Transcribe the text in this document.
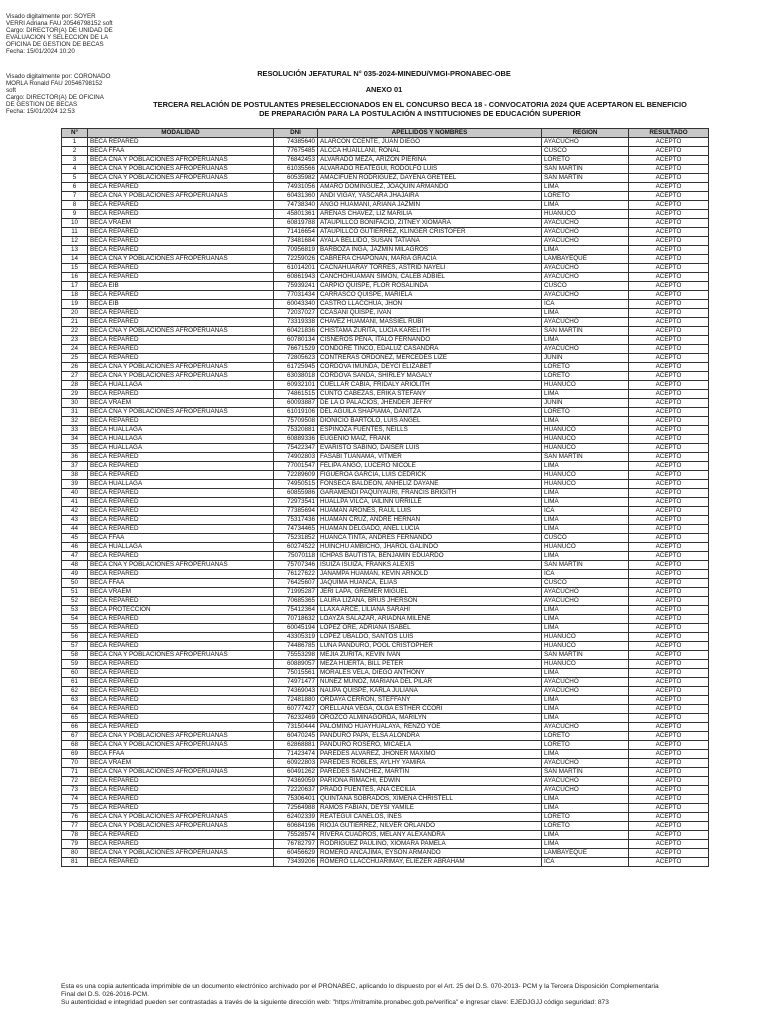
Visado digitalmente por: SOYER
VERRI Adriana FAU 20546798152 soft
Cargo: DIRECTOR(A) DE UNIDAD DE
EVALUACION Y SELECCION DE LA
OFICINA DE GESTION DE BECAS
Fecha: 15/01/2024 10:20
Visado digitalmente por: CORONADO
MORLA Ronald FAU 20546798152
soft
Cargo: DIRECTOR(A) DE OFICINA
DE GESTION DE BECAS
Fecha: 15/01/2024 12:53
RESOLUCIÓN JEFATURAL N° 035-2024-MINEDU/VMGI-PRONABEC-OBE
ANEXO 01
TERCERA RELACIÓN DE POSTULANTES PRESELECCIONADOS EN EL CONCURSO BECA 18 - CONVOCATORIA 2024 QUE ACEPTARON EL BENEFICIO DE PREPARACIÓN PARA LA POSTULACIÓN A INSTITUCIONES DE EDUCACIÓN SUPERIOR
N°	MODALIDAD	DNI	APELLIDOS Y NOMBRES	REGIÓN	RESULTADO
1	BECA REPARED	74385640	ALARCON CCENTE, JUAN DIEGO	AYACUCHO	ACEPTO
2	BECA FFAA	77675485	ALCCA HUAILLANI, RONAL	CUSCO	ACEPTO
3	BECA CNA Y POBLACIONES AFROPERUANAS	76842453	ALVARADO MEZA, ARIZON PIERINA	LORETO	ACEPTO
4	BECA CNA Y POBLACIONES AFROPERUANAS	61035566	ALVARADO REATEGUI, RODOLFO LUIS	SAN MARTIN	ACEPTO
5	BECA CNA Y POBLACIONES AFROPERUANAS	60535982	AMACIFUEN RODRIGUEZ, DAYENA GRETEEL	SAN MARTIN	ACEPTO
6	BECA REPARED	74931056	AMARO DOMINGUEZ, JOAQUIN ARMANDO	LIMA	ACEPTO
7	BECA CNA Y POBLACIONES AFROPERUANAS	60431360	ANDI VIGAY, YASCARA JHAJAIRA	LORETO	ACEPTO
8	BECA REPARED	74738340	ANGO HUAMANI, ARIANA JAZMIN	LIMA	ACEPTO
9	BECA REPARED	45801361	ARENAS CHAVEZ, LIZ MARILIA	HUANUCO	ACEPTO
10	BECA VRAEM	60819788	ATAUPILLCO BONIFACIO, ZITNEY XIOMARA	AYACUCHO	ACEPTO
11	BECA REPARED	71416654	ATAUPILLCO GUTIERREZ, KLINGER CRISTOFER	AYACUCHO	ACEPTO
12	BECA REPARED	73481684	AYALA BELLIDO, SUSAN TATIANA	AYACUCHO	ACEPTO
13	BECA REPARED	70956819	BARBOZA INGA, JAZMIN MILAGROS	LIMA	ACEPTO
14	BECA CNA Y POBLACIONES AFROPERUANAS	72259026	CABRERA CHAPONAN, MARIA GRACIA	LAMBAYEQUE	ACEPTO
15	BECA REPARED	61014201	CACNAHUARAY TORRES, ASTRID NAYELI	AYACUCHO	ACEPTO
16	BECA REPARED	60861943	CANCHOHUAMAN SIMON, CALEB ADBIEL	AYACUCHO	ACEPTO
17	BECA EIB	75939241	CARPIO QUISPE, FLOR ROSALINDA	CUSCO	ACEPTO
18	BECA REPARED	77031434	CARRASCO QUISPE, MARIELA	AYACUCHO	ACEPTO
19	BECA EIB	60043340	CASTRO LLACCHUA, JHON	ICA	ACEPTO
20	BECA REPARED	72037027	CCASANI QUISPE, IVAN	LIMA	ACEPTO
21	BECA REPARED	73319338	CHAVEZ HUAMANI, MASSIEL RUBI	AYACUCHO	ACEPTO
22	BECA CNA Y POBLACIONES AFROPERUANAS	60421836	CHISTAMA ZURITA, LUCIA KARELITH	SAN MARTIN	ACEPTO
23	BECA REPARED	60780134	CISNEROS PEÑA, ITALO FERNANDO	LIMA	ACEPTO
24	BECA REPARED	76671529	CONDORE TINCO, EDALUZ CASANDRA	AYACUCHO	ACEPTO
25	BECA REPARED	72805623	CONTRERAS ORDOÑEZ, MERCEDES LIZE	JUNIN	ACEPTO
26	BECA CNA Y POBLACIONES AFROPERUANAS	61725945	CORDOVA IMUNDA, DEYCI ELIZABET	LORETO	ACEPTO
27	BECA CNA Y POBLACIONES AFROPERUANAS	63038018	CORDOVA SANDA, SHIRLEY MAGALY	LORETO	ACEPTO
28	BECA HUALLAGA	60932101	CUELLAR CABIA, FRIDALY ARIOLITH	HUANUCO	ACEPTO
29	BECA REPARED	74861515	CUNTO CABEZAS, ERIKA STEFANY	LIMA	ACEPTO
30	BECA VRAEM	60093887	DE LA O PALACIOS, JHENDER JEFRY	JUNIN	ACEPTO
31	BECA CNA Y POBLACIONES AFROPERUANAS	61019106	DEL AGUILA SHAPIAMA, DANITZA	LORETO	ACEPTO
32	BECA REPARED	75709508	DIONICIO BARTOLO, LUIS ANGEL	LIMA	ACEPTO
33	BECA HUALLAGA	75320881	ESPINOZA FUENTES, NEILLS	HUANUCO	ACEPTO
34	BECA HUALLAGA	60889336	EUGENIO MAIZ, FRANK	HUANUCO	ACEPTO
35	BECA HUALLAGA	75422347	EVARISTO SABINO, DAISER LUIS	HUANUCO	ACEPTO
36	BECA REPARED	74902803	FASABI TUANAMA, VITMER	SAN MARTIN	ACEPTO
37	BECA REPARED	77001547	FELIPA ANGO, LUCERO NICOLE	LIMA	ACEPTO
38	BECA REPARED	72289609	FIGUEROA GARCIA, LUIS CEDRICK	HUANUCO	ACEPTO
39	BECA HUALLAGA	74950515	FONSECA BALDEON, ANHELIZ DAYANE	HUANUCO	ACEPTO
40	BECA REPARED	60855986	GARAMENDI PAQUIYAURI, FRANCIS BRIGITH	LIMA	ACEPTO
41	BECA REPARED	72973541	HUALLPA VILCA, IAILINN URRILLE	LIMA	ACEPTO
42	BECA REPARED	77385694	HUAMAN ARONES, RAUL LUIS	ICA	ACEPTO
43	BECA REPARED	75317436	HUAMAN CRUZ, ANDRE HERNAN	LIMA	ACEPTO
44	BECA REPARED	74734465	HUAMAN DELGADO, ANEL LUCIA	LIMA	ACEPTO
45	BECA FFAA	75231852	HUANCA TINTA, ANDRES FERNANDO	CUSCO	ACEPTO
46	BECA HUALLAGA	60274522	HUINCHU AMBICHO, JHAROL GALINDO	HUANUCO	ACEPTO
47	BECA REPARED	75070118	ICHPAS BAUTISTA, BENJAMIN EDUARDO	LIMA	ACEPTO
48	BECA CNA Y POBLACIONES AFROPERUANAS	75707346	ISUIZA ISUIZA, FRANKS ALEXIS	SAN MARTIN	ACEPTO
49	BECA REPARED	76127622	JANAMPA HUAMAN, KEVIN ARNOLD	ICA	ACEPTO
50	BECA FFAA	76425607	JAQUIMA HUANCA, ELIAS	CUSCO	ACEPTO
51	BECA VRAEM	71995287	JERI LAPA, GREMER MIGUEL	AYACUCHO	ACEPTO
52	BECA REPARED	70685365	LAURA LIZANA, BRUS JHERSON	AYACUCHO	ACEPTO
53	BECA PROTECCION	75412364	LLAXA ARCE, LILIANA SARAHI	LIMA	ACEPTO
54	BECA REPARED	70718632	LOAYZA SALAZAR, ARIADNA MILENE	LIMA	ACEPTO
55	BECA REPARED	60045194	LOPEZ ORE, ADRIANA ISABEL	LIMA	ACEPTO
56	BECA REPARED	43305319	LOPEZ UBALDO, SANTOS LUIS	HUANUCO	ACEPTO
57	BECA REPARED	74486785	LUNA PANDURO, POOL CRISTOPHER	HUANUCO	ACEPTO
58	BECA CNA Y POBLACIONES AFROPERUANAS	75553298	MEJIA ZURITA, KEVIN IVAN	SAN MARTIN	ACEPTO
59	BECA REPARED	60889057	MEZA HUERTA, BILL PETER	HUANUCO	ACEPTO
60	BECA REPARED	75015561	MORALES VELA, DIEGO ANTHONY	LIMA	ACEPTO
61	BECA REPARED	74971477	NUÑEZ MUÑOZ, MARIANA DEL PILAR	AYACUCHO	ACEPTO
62	BECA REPARED	74369043	ÑAUPA QUISPE, KARLA JULIANA	AYACUCHO	ACEPTO
63	BECA REPARED	72481880	ORDAYA CERRON, STEFFANY	LIMA	ACEPTO
64	BECA REPARED	60777427	ORELLANA VEGA, OLGA ESTHER CCORI	LIMA	ACEPTO
65	BECA REPARED	76232469	OROZCO ALMINAGORDA, MARILYN	LIMA	ACEPTO
66	BECA REPARED	73150444	PALOMINO HUAYHUALAYA, RENZO YOE	AYACUCHO	ACEPTO
67	BECA CNA Y POBLACIONES AFROPERUANAS	60470245	PANDURO PAPA, ELSA ALONDRA	LORETO	ACEPTO
68	BECA CNA Y POBLACIONES AFROPERUANAS	62868881	PANDURO ROSERO, MICAELA	LORETO	ACEPTO
69	BECA FFAA	71423474	PAREDES ALVAREZ, JHONER MAXIMO	LIMA	ACEPTO
70	BECA VRAEM	60922803	PAREDES ROBLES, AYLHY YAMIRA	AYACUCHO	ACEPTO
71	BECA CNA Y POBLACIONES AFROPERUANAS	60491262	PAREDES SANCHEZ, MARTIN	SAN MARTIN	ACEPTO
72	BECA REPARED	74369059	PARIONA RIMACHI, EDWIN	AYACUCHO	ACEPTO
73	BECA REPARED	72220637	PRADO FUENTES, ANA CECILIA	AYACUCHO	ACEPTO
74	BECA REPARED	75306401	QUINTANA SOBRADOS, XIMENA CHRISTELL	LIMA	ACEPTO
75	BECA REPARED	72564988	RAMOS FABIAN, DEYSI YAMILE	LIMA	ACEPTO
76	BECA CNA Y POBLACIONES AFROPERUANAS	62402339	REATEGUI CANELOS, INES	LORETO	ACEPTO
77	BECA CNA Y POBLACIONES AFROPERUANAS	60684196	RIOJA GUTIERREZ, NILVER ORLANDO	LORETO	ACEPTO
78	BECA REPARED	75528574	RIVERA CUADROS, MELANY ALEXANDRA	LIMA	ACEPTO
79	BECA REPARED	76782797	RODRIGUEZ PAULINO, XIOMARA PAMELA	LIMA	ACEPTO
80	BECA CNA Y POBLACIONES AFROPERUANAS	60456629	ROMERO ANCAJIMA, EYSON ARMANDO	LAMBAYEQUE	ACEPTO
81	BECA REPARED	73439206	ROMERO LLACCHUARIMAY, ELIEZER ABRAHAM	ICA	ACEPTO
Esta es una copia autenticada imprimible de un documento electrónico archivado por el PRONABEC, aplicando lo dispuesto por el Art. 25 del D.S. 070-2013- PCM y la Tercera Disposición Complementaria
Final del D.S. 026-2016-PCM.
Su autenticidad e integridad pueden ser contrastadas a través de la siguiente dirección web: "https://mitramite.pronabec.gob.pe/verifica" e ingresar clave: EJEDJGJJ código seguridad: 873
